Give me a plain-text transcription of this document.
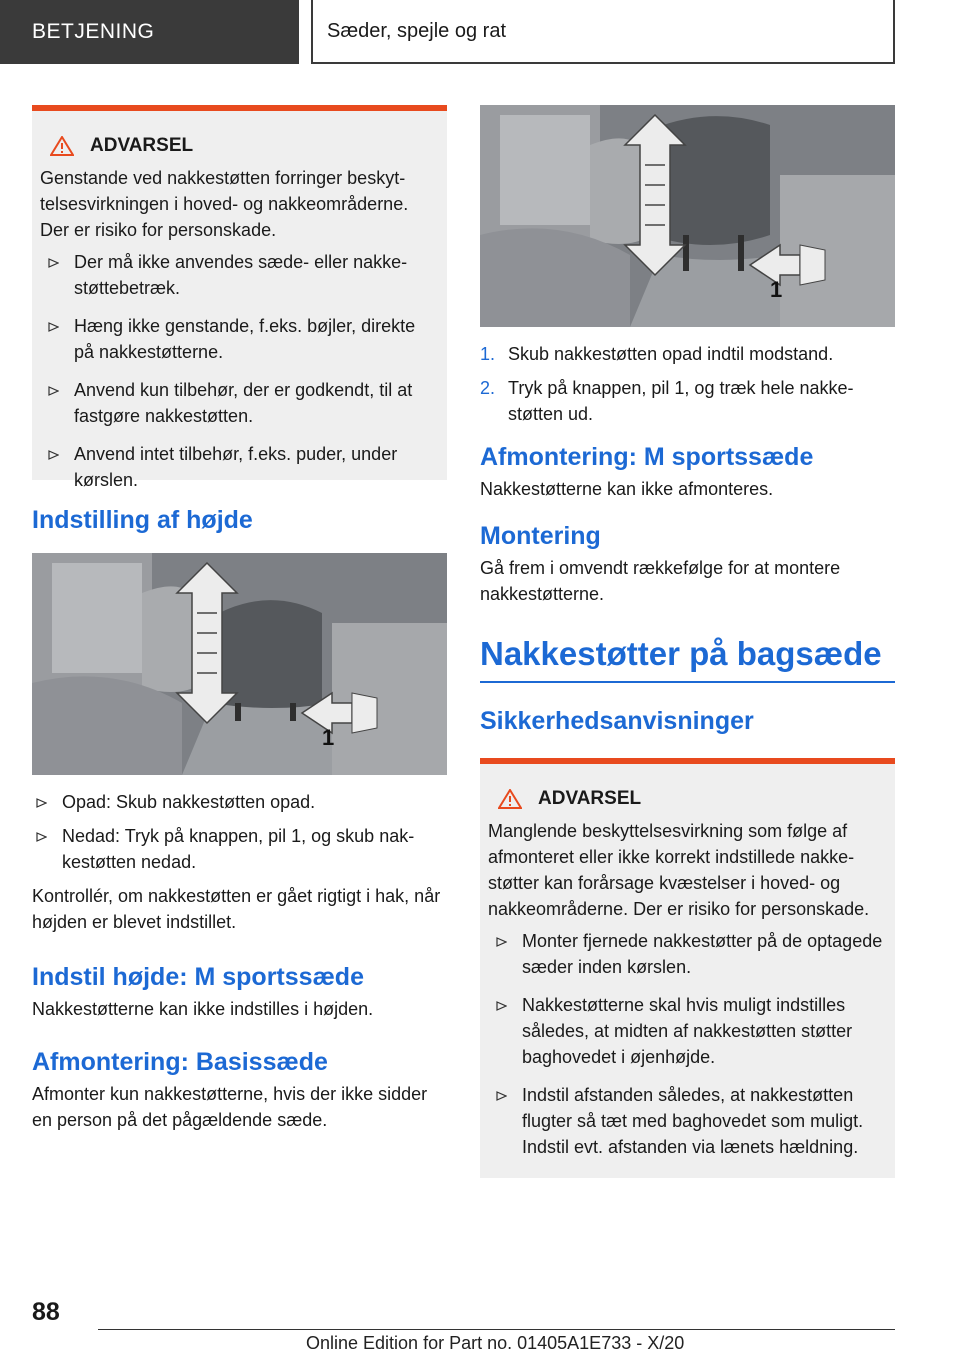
BETJENING	Sæder, spejle og rat
ADVARSEL
Genstande ved nakkestøtten forringer beskyttelsesvirkningen i hoved- og nakkeområderne. Der er risiko for personskade.
Der må ikke anvendes sæde- eller nakkestøttebetræk.
Hæng ikke genstande, f.eks. bøjler, direkte på nakkestøtterne.
Anvend kun tilbehør, der er godkendt, til at fastgøre nakkestøtten.
Anvend intet tilbehør, f.eks. puder, under kørslen.
Indstilling af højde
1
Opad: Skub nakkestøtten opad.
Nedad: Tryk på knappen, pil 1, og skub nakkestøtten nedad.

Kontrollér, om nakkestøtten er gået rigtigt i hak, når højden er blevet indstillet.

Indstil højde: M sportssæde

Nakkestøtterne kan ikke indstilles i højden.

Afmontering: Basissæde

Afmonter kun nakkestøtterne, hvis der ikke sidder en person på det pågældende sæde.

1
1. Skub nakkestøtten opad indtil modstand.
2. Tryk på knappen, pil 1, og træk hele nakkestøtten ud.
Afmontering: M sportssæde

Nakkestøtterne kan ikke afmonteres.

Montering

Gå frem i omvendt rækkefølge for at montere nakkestøtterne.

Nakkestøtter på bagsæde
Sikkerhedsanvisninger
ADVARSEL
Manglende beskyttelsesvirkning som følge af afmonteret eller ikke korrekt indstillede nakkestøtter kan forårsage kvæstelser i hoved- og nakkeområderne. Der er risiko for personskade.
Monter fjernede nakkestøtter på de optagede sæder inden kørslen.
Nakkestøtterne skal hvis muligt indstilles således, at midten af nakkestøtten støtter baghovedet i øjenhøjde.
Indstil afstanden således, at nakkestøtten flugter så tæt med baghovedet som muligt. Indstil evt. afstanden via lænets hældning.
88
Online Edition for Part no. 01405A1E733 - X/20
